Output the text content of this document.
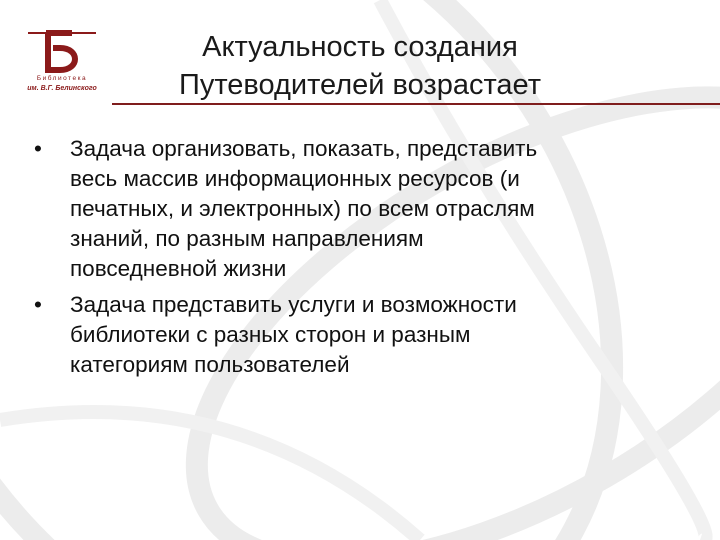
Библиотека
им. В.Г. Белинского
Актуальность создания
Путеводителей возрастает
•	Задача организовать, показать, представить
весь массив информационных ресурсов (и
печатных, и электронных) по всем отраслям
знаний, по разным направлениям
повседневной жизни
•	Задача представить услуги и возможности
библиотеки с разных сторон и разным
категориям пользователей
